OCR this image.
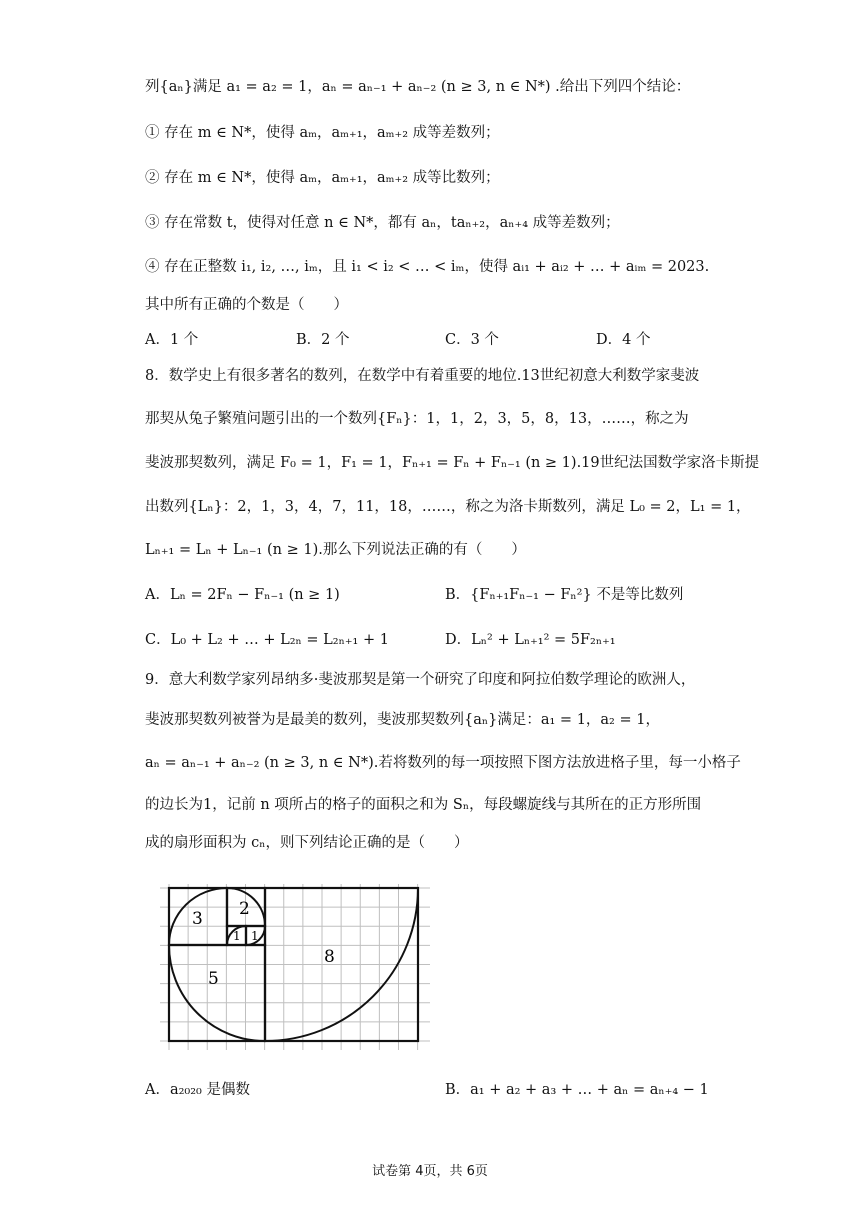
列{aₙ}满足 a₁ = a₂ = 1，aₙ = aₙ₋₁ + aₙ₋₂ (n ≥ 3, n ∈ N*) .给出下列四个结论：
① 存在 m ∈ N*，使得 aₘ，aₘ₊₁，aₘ₊₂ 成等差数列；
② 存在 m ∈ N*，使得 aₘ，aₘ₊₁，aₘ₊₂ 成等比数列；
③ 存在常数 t，使得对任意 n ∈ N*，都有 aₙ，taₙ₊₂，aₙ₊₄ 成等差数列；
④ 存在正整数 i₁, i₂, …, iₘ，且 i₁ < i₂ < … < iₘ，使得 aᵢ₁ + aᵢ₂ + … + aᵢₘ = 2023.
其中所有正确的个数是（　　）
A．1 个	B．2 个	C．3 个	D．4 个
8．数学史上有很多著名的数列，在数学中有着重要的地位.13世纪初意大利数学家斐波
那契从兔子繁殖问题引出的一个数列{Fₙ}：1，1，2，3，5，8，13，……，称之为
斐波那契数列，满足 F₀ = 1，F₁ = 1，Fₙ₊₁ = Fₙ + Fₙ₋₁ (n ≥ 1).19世纪法国数学家洛卡斯提
出数列{Lₙ}：2，1，3，4，7，11，18，……，称之为洛卡斯数列，满足 L₀ = 2，L₁ = 1，
Lₙ₊₁ = Lₙ + Lₙ₋₁ (n ≥ 1).那么下列说法正确的有（　　）
A．Lₙ = 2Fₙ − Fₙ₋₁ (n ≥ 1)	B．{Fₙ₊₁Fₙ₋₁ − Fₙ²} 不是等比数列
C．L₀ + L₂ + … + L₂ₙ = L₂ₙ₊₁ + 1	D．Lₙ² + Lₙ₊₁² = 5F₂ₙ₊₁
9．意大利数学家列昂纳多·斐波那契是第一个研究了印度和阿拉伯数学理论的欧洲人，
斐波那契数列被誉为是最美的数列，斐波那契数列{aₙ}满足：a₁ = 1，a₂ = 1，
aₙ = aₙ₋₁ + aₙ₋₂ (n ≥ 3, n ∈ N*).若将数列的每一项按照下图方法放进格子里，每一小格子
的边长为1，记前 n 项所占的格子的面积之和为 Sₙ，每段螺旋线与其所在的正方形所围
成的扇形面积为 cₙ，则下列结论正确的是（　　）
3 2
1 1
5
8
A．a₂₀₂₀ 是偶数	B．a₁ + a₂ + a₃ + … + aₙ = aₙ₊₄ − 1
试卷第 4页，共 6页
